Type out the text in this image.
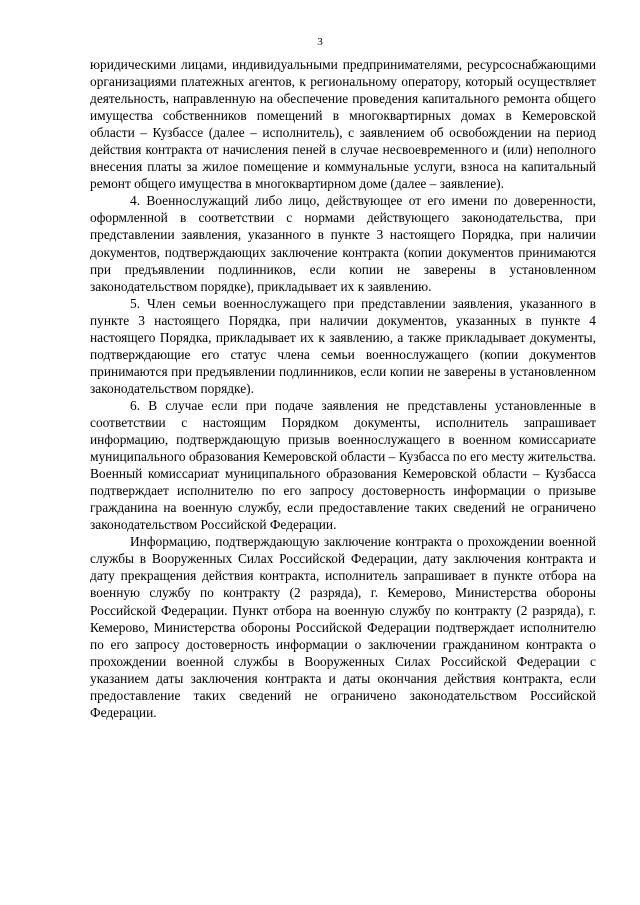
3

юридическими лицами, индивидуальными предпринимателями, ресурсоснабжающими организациями платежных агентов, к региональному оператору, который осуществляет деятельность, направленную на обеспечение проведения капитального ремонта общего имущества собственников помещений в многоквартирных домах в Кемеровской области – Кузбассе (далее – исполнитель), с заявлением об освобождении на период действия контракта от начисления пеней в случае несвоевременного и (или) неполного внесения платы за жилое помещение и коммунальные услуги, взноса на капитальный ремонт общего имущества в многоквартирном доме (далее – заявление).

4. Военнослужащий либо лицо, действующее от его имени по доверенности, оформленной в соответствии с нормами действующего законодательства, при представлении заявления, указанного в пункте 3 настоящего Порядка, при наличии документов, подтверждающих заключение контракта (копии документов принимаются при предъявлении подлинников, если копии не заверены в установленном законодательством порядке), прикладывает их к заявлению.

5. Член семьи военнослужащего при представлении заявления, указанного в пункте 3 настоящего Порядка, при наличии документов, указанных в пункте 4 настоящего Порядка, прикладывает их к заявлению, а также прикладывает документы, подтверждающие его статус члена семьи военнослужащего (копии документов принимаются при предъявлении подлинников, если копии не заверены в установленном законодательством порядке).

6. В случае если при подаче заявления не представлены установленные в соответствии с настоящим Порядком документы, исполнитель запрашивает информацию, подтверждающую призыв военнослужащего в военном комиссариате муниципального образования Кемеровской области – Кузбасса по его месту жительства. Военный комиссариат муниципального образования Кемеровской области – Кузбасса подтверждает исполнителю по его запросу достоверность информации о призыве гражданина на военную службу, если предоставление таких сведений не ограничено законодательством Российской Федерации.

Информацию, подтверждающую заключение контракта о прохождении военной службы в Вооруженных Силах Российской Федерации, дату заключения контракта и дату прекращения действия контракта, исполнитель запрашивает в пункте отбора на военную службу по контракту (2 разряда), г. Кемерово, Министерства обороны Российской Федерации. Пункт отбора на военную службу по контракту (2 разряда), г. Кемерово, Министерства обороны Российской Федерации подтверждает исполнителю по его запросу достоверность информации о заключении гражданином контракта о прохождении военной службы в Вооруженных Силах Российской Федерации с указанием даты заключения контракта и даты окончания действия контракта, если предоставление таких сведений не ограничено законодательством Российской Федерации.
